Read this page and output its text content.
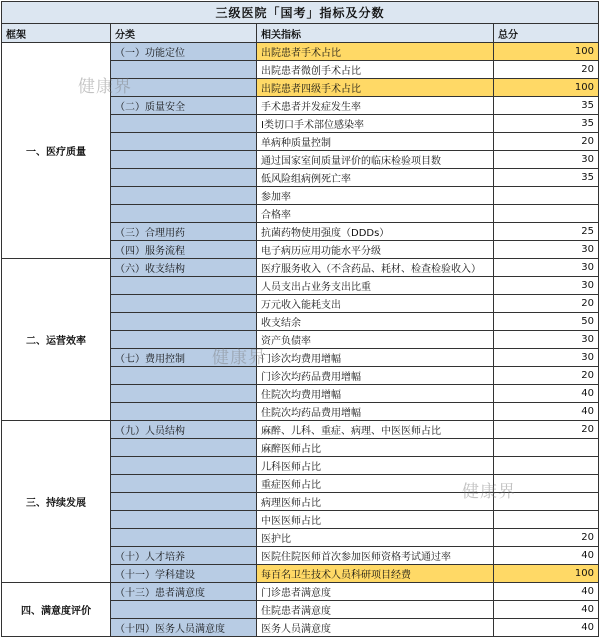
三级医院「国考」指标及分数			
框架	分类	相关指标	总分
一、医疗质量	（一）功能定位	出院患者手术占比	100
		出院患者微创手术占比	20
		出院患者四级手术占比	100
	（二）质量安全	手术患者并发症发生率	35
		I类切口手术部位感染率	35
		单病种质量控制	20
		通过国家室间质量评价的临床检验项目数	30
		低风险组病例死亡率	35
		参加率	
		合格率	
	（三）合理用药	抗菌药物使用强度（DDDs）	25
	（四）服务流程	电子病历应用功能水平分级	30
二、运营效率	（六）收支结构	医疗服务收入（不含药品、耗材、检查检验收入）	30
		人员支出占业务支出比重	30
		万元收入能耗支出	20
		收支结余	50
		资产负债率	30
	（七）费用控制	门诊次均费用增幅	30
		门诊次均药品费用增幅	20
		住院次均费用增幅	40
		住院次均药品费用增幅	40
三、持续发展	（九）人员结构	麻醉、儿科、重症、病理、中医医师占比	20
		麻醉医师占比	
		儿科医师占比	
		重症医师占比	
		病理医师占比	
		中医医师占比	
		医护比	20
	（十）人才培养	医院住院医师首次参加医师资格考试通过率	40
	（十一）学科建设	每百名卫生技术人员科研项目经费	100
四、满意度评价	（十三）患者满意度	门诊患者满意度	40
		住院患者满意度	40
	（十四）医务人员满意度	医务人员满意度	40
健康界
健康界
健康界
